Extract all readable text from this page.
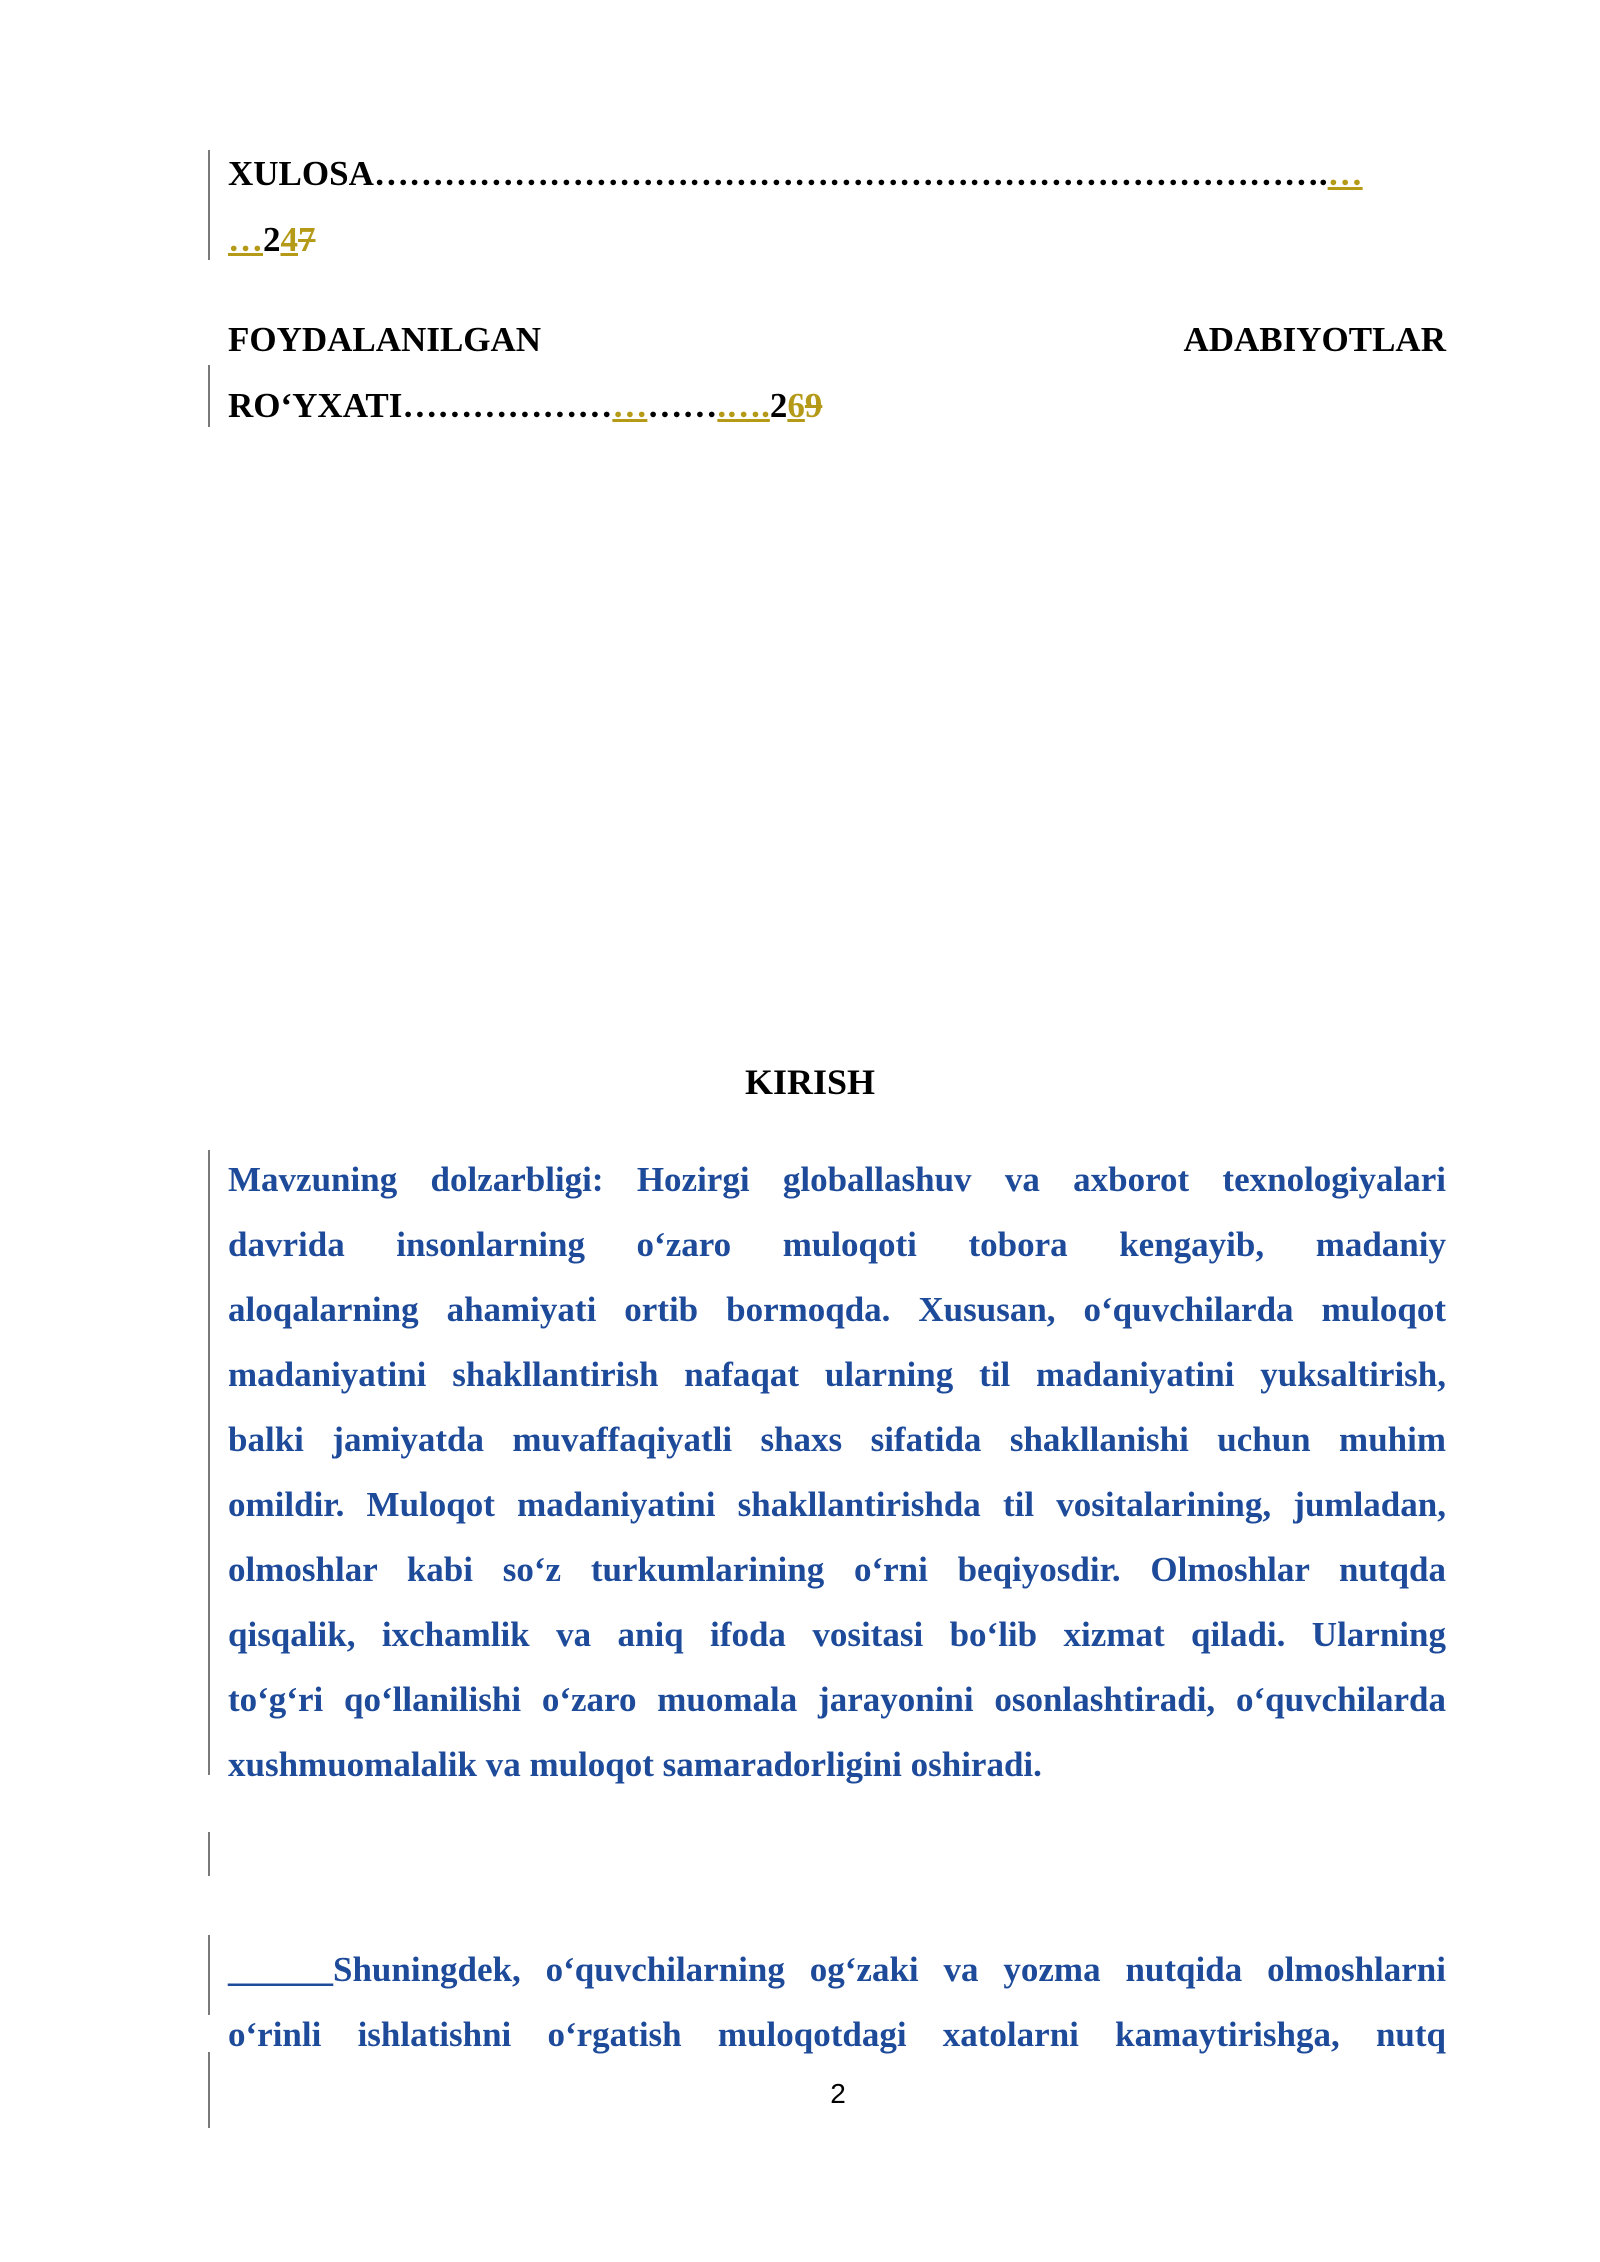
XULOSA……………………………………………………………………….…
…247
FOYDALANILGAN	ADABIYOTLAR
RO‘YXATI……………………….….269
KIRISH
Mavzuning dolzarbligi: Hozirgi globallashuv va axborot texnologiyalari
davrida insonlarning o‘zaro muloqoti tobora kengayib, madaniy
aloqalarning ahamiyati ortib bormoqda. Xususan, o‘quvchilarda muloqot
madaniyatini shakllantirish nafaqat ularning til madaniyatini yuksaltirish,
balki jamiyatda muvaffaqiyatli shaxs sifatida shakllanishi uchun muhim
omildir. Muloqot madaniyatini shakllantirishda til vositalarining, jumladan,
olmoshlar kabi so‘z turkumlarining o‘rni beqiyosdir. Olmoshlar nutqda
qisqalik, ixchamlik va aniq ifoda vositasi bo‘lib xizmat qiladi. Ularning
to‘g‘ri qo‘llanilishi o‘zaro muomala jarayonini osonlashtiradi, o‘quvchilarda
xushmuomalalik va muloqot samaradorligini oshiradi.
______Shuningdek, o‘quvchilarning og‘zaki va yozma nutqida olmoshlarni
o‘rinli ishlatishni o‘rgatish muloqotdagi xatolarni kamaytirishga, nutq
2
